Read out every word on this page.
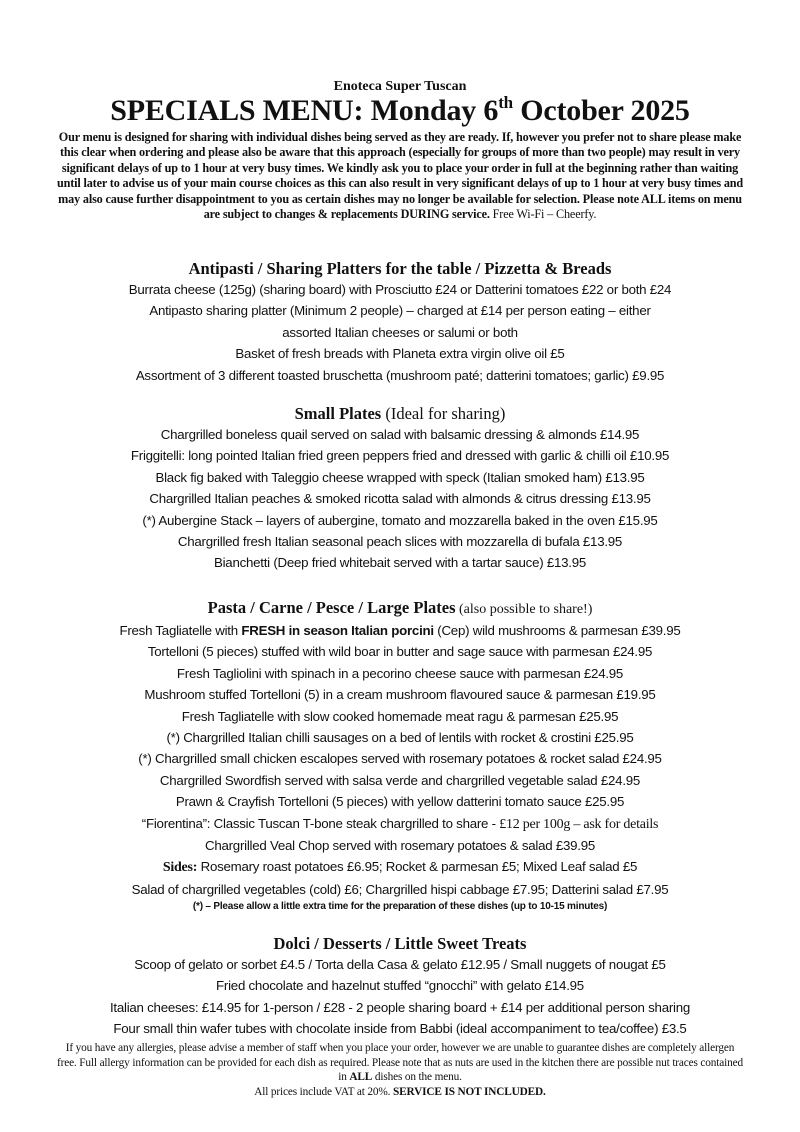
Enoteca Super Tuscan
SPECIALS MENU: Monday 6th October 2025
Our menu is designed for sharing with individual dishes being served as they are ready. If, however you prefer not to share please make this clear when ordering and please also be aware that this approach (especially for groups of more than two people) may result in very significant delays of up to 1 hour at very busy times. We kindly ask you to place your order in full at the beginning rather than waiting until later to advise us of your main course choices as this can also result in very significant delays of up to 1 hour at very busy times and may also cause further disappointment to you as certain dishes may no longer be available for selection. Please note ALL items on menu are subject to changes & replacements DURING service. Free Wi-Fi – Cheerfy.
Antipasti / Sharing Platters for the table / Pizzetta & Breads
Burrata cheese (125g) (sharing board) with Prosciutto £24 or Datterini tomatoes £22 or both £24
Antipasto sharing platter (Minimum 2 people) – charged at £14 per person eating – either
assorted Italian cheeses or salumi or both
Basket of fresh breads with Planeta extra virgin olive oil £5
Assortment of 3 different toasted bruschetta (mushroom paté; datterini tomatoes; garlic) £9.95
Small Plates (Ideal for sharing)
Chargrilled boneless quail served on salad with balsamic dressing & almonds £14.95
Friggitelli: long pointed Italian fried green peppers fried and dressed with garlic & chilli oil £10.95
Black fig baked with Taleggio cheese wrapped with speck (Italian smoked ham) £13.95
Chargrilled Italian peaches & smoked ricotta salad with almonds & citrus dressing £13.95
(*) Aubergine Stack – layers of aubergine, tomato and mozzarella baked in the oven £15.95
Chargrilled fresh Italian seasonal peach slices with mozzarella di bufala £13.95
Bianchetti (Deep fried whitebait served with a tartar sauce) £13.95
Pasta / Carne / Pesce / Large Plates (also possible to share!)
Fresh Tagliatelle with FRESH in season Italian porcini (Cep) wild mushrooms & parmesan £39.95
Tortelloni (5 pieces) stuffed with wild boar in butter and sage sauce with parmesan £24.95
Fresh Tagliolini with spinach in a pecorino cheese sauce with parmesan £24.95
Mushroom stuffed Tortelloni (5) in a cream mushroom flavoured sauce & parmesan £19.95
Fresh Tagliatelle with slow cooked homemade meat ragu & parmesan £25.95
(*) Chargrilled Italian chilli sausages on a bed of lentils with rocket & crostini £25.95
(*) Chargrilled small chicken escalopes served with rosemary potatoes & rocket salad £24.95
Chargrilled Swordfish served with salsa verde and chargrilled vegetable salad £24.95
Prawn & Crayfish Tortelloni (5 pieces) with yellow datterini tomato sauce £25.95
“Fiorentina”: Classic Tuscan T-bone steak chargrilled to share - £12 per 100g – ask for details
Chargrilled Veal Chop served with rosemary potatoes & salad £39.95
Sides: Rosemary roast potatoes £6.95; Rocket & parmesan £5; Mixed Leaf salad £5
Salad of chargrilled vegetables (cold) £6; Chargrilled hispi cabbage £7.95; Datterini salad £7.95
(*) – Please allow a little extra time for the preparation of these dishes (up to 10-15 minutes)
Dolci / Desserts / Little Sweet Treats
Scoop of gelato or sorbet £4.5 / Torta della Casa & gelato £12.95 / Small nuggets of nougat £5
Fried chocolate and hazelnut stuffed “gnocchi” with gelato £14.95
Italian cheeses: £14.95 for 1-person / £28 - 2 people sharing board + £14 per additional person sharing
Four small thin wafer tubes with chocolate inside from Babbi (ideal accompaniment to tea/coffee) £3.5
If you have any allergies, please advise a member of staff when you place your order, however we are unable to guarantee dishes are completely allergen free. Full allergy information can be provided for each dish as required. Please note that as nuts are used in the kitchen there are possible nut traces contained in ALL dishes on the menu.
All prices include VAT at 20%. SERVICE IS NOT INCLUDED.
